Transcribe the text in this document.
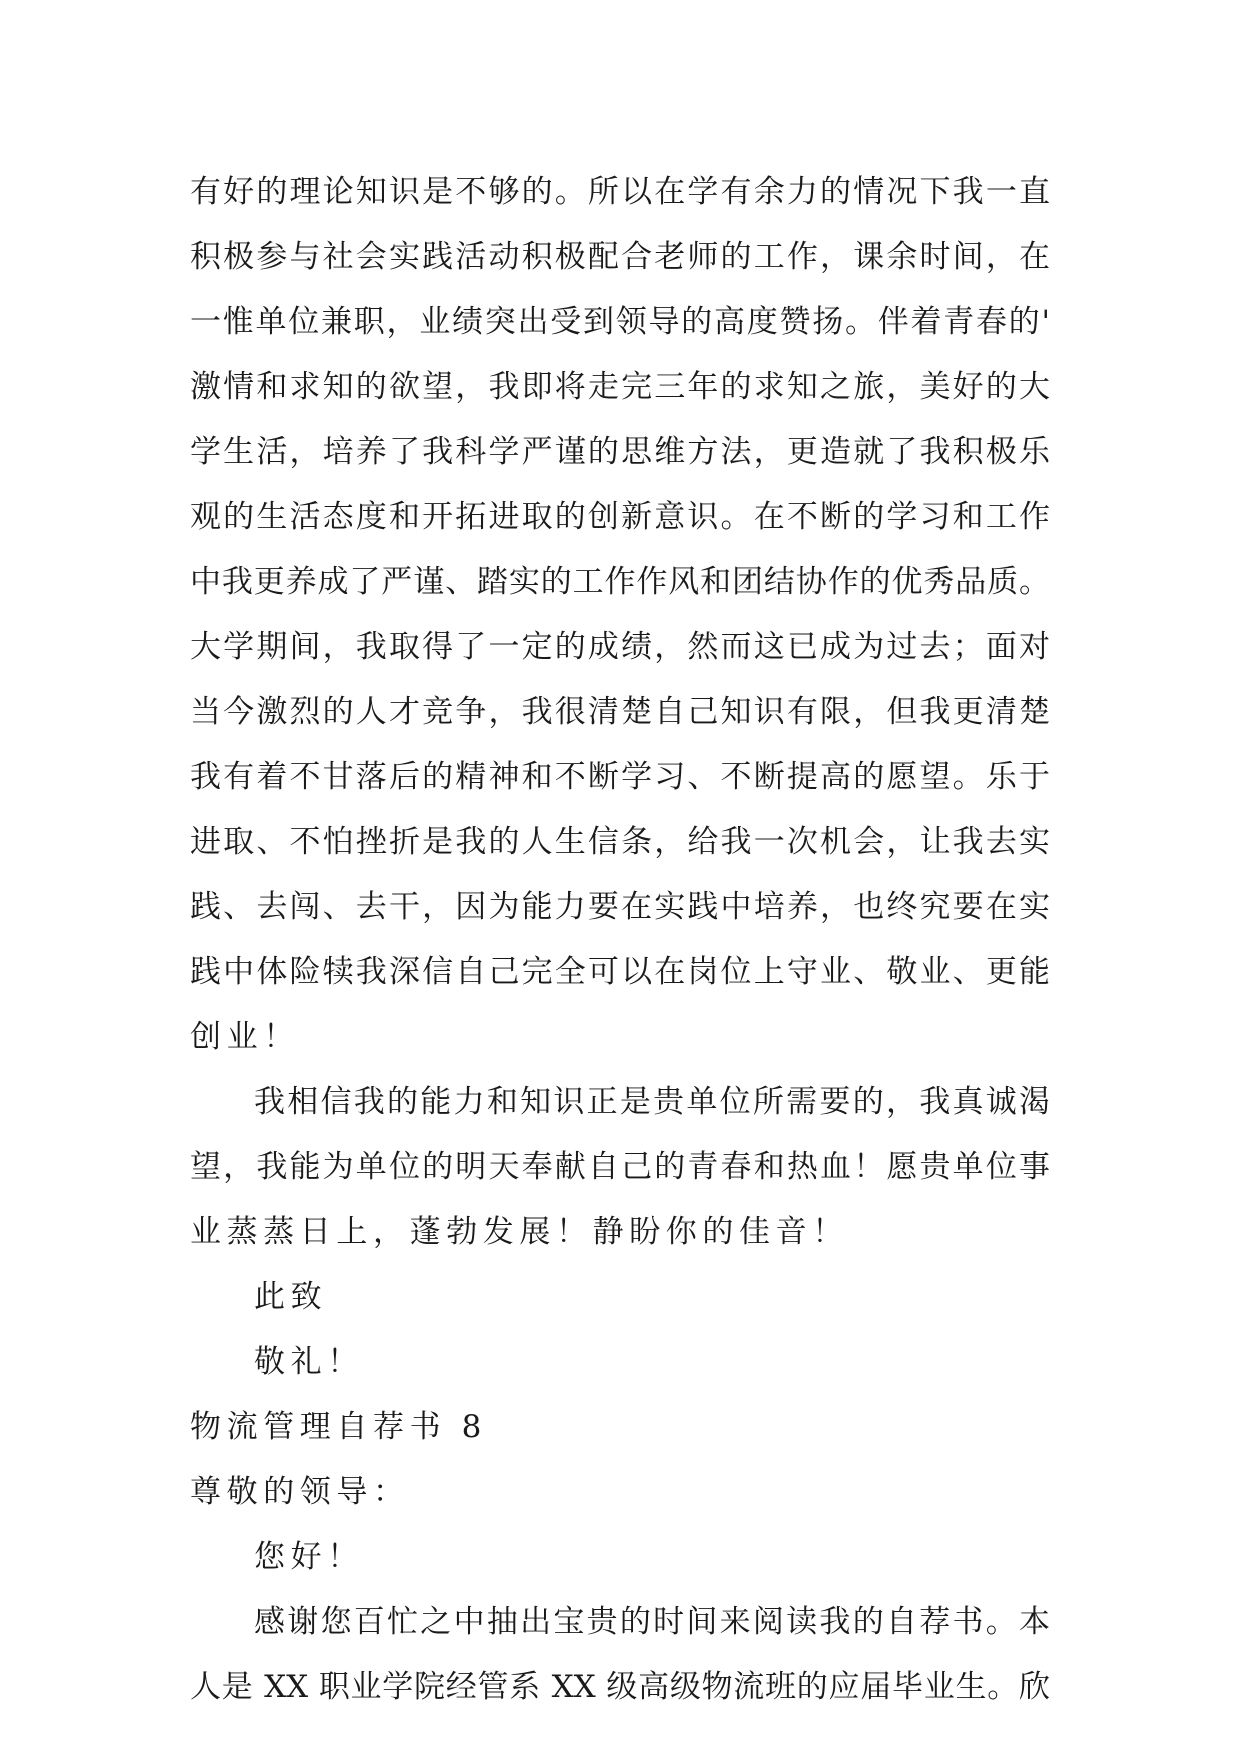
有好的理论知识是不够的。所以在学有余力的情况下我一直
积极参与社会实践活动积极配合老师的工作，课余时间，在
一惟单位兼职，业绩突出受到领导的高度赞扬。伴着青春的'
激情和求知的欲望，我即将走完三年的求知之旅，美好的大
学生活，培养了我科学严谨的思维方法，更造就了我积极乐
观的生活态度和开拓进取的创新意识。在不断的学习和工作
中我更养成了严谨、踏实的工作作风和团结协作的优秀品质。
大学期间，我取得了一定的成绩，然而这已成为过去；面对
当今激烈的人才竞争，我很清楚自己知识有限，但我更清楚
我有着不甘落后的精神和不断学习、不断提高的愿望。乐于
进取、不怕挫折是我的人生信条，给我一次机会，让我去实
践、去闯、去干，因为能力要在实践中培养，也终究要在实
践中体险犊我深信自己完全可以在岗位上守业、敬业、更能
创业！
我相信我的能力和知识正是贵单位所需要的，我真诚渴
望，我能为单位的明天奉献自己的青春和热血！愿贵单位事
业蒸蒸日上，蓬勃发展！静盼你的佳音！
此致
敬礼！
物流管理自荐书 8
尊敬的领导：
您好！
感谢您百忙之中抽出宝贵的时间来阅读我的自荐书。本
人是 XX 职业学院经管系 XX 级高级物流班的应届毕业生。欣
